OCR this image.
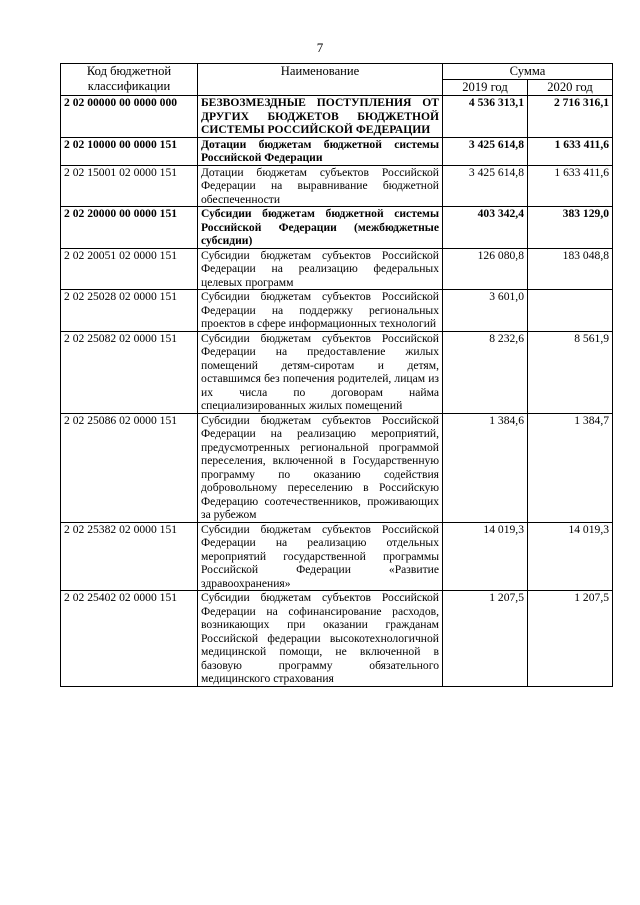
7
Код бюджетной классификации	Наименование	Сумма	
		2019 год	2020 год
2 02 00000 00 0000 000	БЕЗВОЗМЕЗДНЫЕ ПОСТУПЛЕНИЯ ОТ ДРУГИХ БЮДЖЕТОВ БЮДЖЕТНОЙ СИСТЕМЫ РОССИЙСКОЙ ФЕДЕРАЦИИ	4 536 313,1	2 716 316,1
2 02 10000 00 0000 151	Дотации бюджетам бюджетной системы Российской Федерации	3 425 614,8	1 633 411,6
2 02 15001 02 0000 151	Дотации бюджетам субъектов Российской Федерации на выравнивание бюджетной обеспеченности	3 425 614,8	1 633 411,6
2 02 20000 00 0000 151	Субсидии бюджетам бюджетной системы Российской Федерации (межбюджетные субсидии)	403 342,4	383 129,0
2 02 20051 02 0000 151	Субсидии бюджетам субъектов Российской Федерации на реализацию федеральных целевых программ	126 080,8	183 048,8
2 02 25028 02 0000 151	Субсидии бюджетам субъектов Российской Федерации на поддержку региональных проектов в сфере информационных технологий	3 601,0	
2 02 25082 02 0000 151	Субсидии бюджетам субъектов Российской Федерации на предоставление жилых помещений детям-сиротам и детям, оставшимся без попечения родителей, лицам из их числа по договорам найма специализированных жилых помещений	8 232,6	8 561,9
2 02 25086 02 0000 151	Субсидии бюджетам субъектов Российской Федерации на реализацию мероприятий, предусмотренных региональной программой переселения, включенной в Государственную программу по оказанию содействия добровольному переселению в Российскую Федерацию соотечественников, проживающих за рубежом	1 384,6	1 384,7
2 02 25382 02 0000 151	Субсидии бюджетам субъектов Российской Федерации на реализацию отдельных мероприятий государственной программы Российской Федерации «Развитие здравоохранения»	14 019,3	14 019,3
2 02 25402 02 0000 151	Субсидии бюджетам субъектов Российской Федерации на софинансирование расходов, возникающих при оказании гражданам Российской федерации высокотехнологичной медицинской помощи, не включенной в базовую программу обязательного медицинского страхования	1 207,5	1 207,5
